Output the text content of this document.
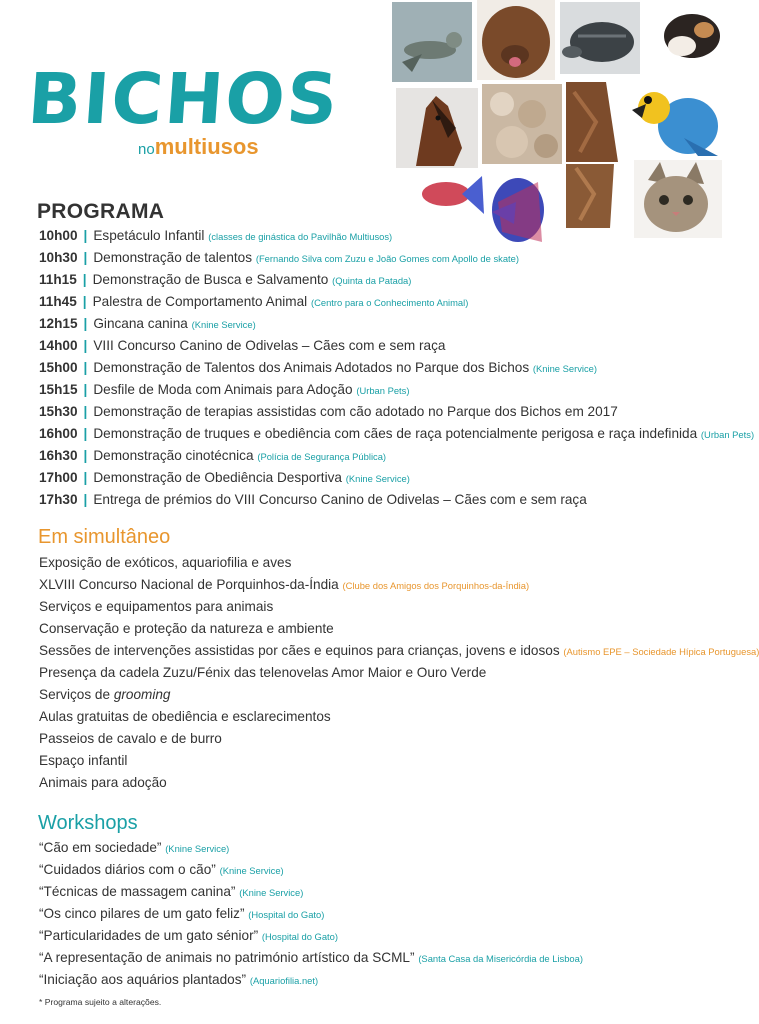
BICHOS
nomultiusos
PROGRAMA
10h00 | Espetáculo Infantil (classes de ginástica do Pavilhão Multiusos)
10h30 | Demonstração de talentos (Fernando Silva com Zuzu e João Gomes com Apollo de skate)
11h15 | Demonstração de Busca e Salvamento (Quinta da Patada)
11h45 | Palestra de Comportamento Animal (Centro para o Conhecimento Animal)
12h15 | Gincana canina (Knine Service)
14h00 | VIII Concurso Canino de Odivelas – Cães com e sem raça
15h00 | Demonstração de Talentos dos Animais Adotados no Parque dos Bichos (Knine Service)
15h15 | Desfile de Moda com Animais para Adoção (Urban Pets)
15h30 | Demonstração de terapias assistidas com cão adotado no Parque dos Bichos em 2017
16h00 | Demonstração de truques e obediência com cães de raça potencialmente perigosa e raça indefinida (Urban Pets)
16h30 | Demonstração cinotécnica (Polícia de Segurança Pública)
17h00 | Demonstração de Obediência Desportiva (Knine Service)
17h30 | Entrega de prémios do VIII Concurso Canino de Odivelas – Cães com e sem raça
Em simultâneo
Exposição de exóticos, aquariofilia e aves
XLVIII Concurso Nacional de Porquinhos-da-Índia (Clube dos Amigos dos Porquinhos-da-Índia)
Serviços e equipamentos para animais
Conservação e proteção da natureza e ambiente
Sessões de intervenções assistidas por cães e equinos para crianças, jovens e idosos (Autismo EPE – Sociedade Hípica Portuguesa)
Presença da cadela Zuzu/Fénix das telenovelas Amor Maior e Ouro Verde
Serviços de grooming
Aulas gratuitas de obediência e esclarecimentos
Passeios de cavalo e de burro
Espaço infantil
Animais para adoção
Workshops
“Cão em sociedade” (Knine Service)
“Cuidados diários com o cão” (Knine Service)
“Técnicas de massagem canina” (Knine Service)
“Os cinco pilares de um gato feliz” (Hospital do Gato)
“Particularidades de um gato sénior” (Hospital do Gato)
“A representação de animais no património artístico da SCML” (Santa Casa da Misericórdia de Lisboa)
“Iniciação aos aquários plantados” (Aquariofilia.net)
* Programa sujeito a alterações.
